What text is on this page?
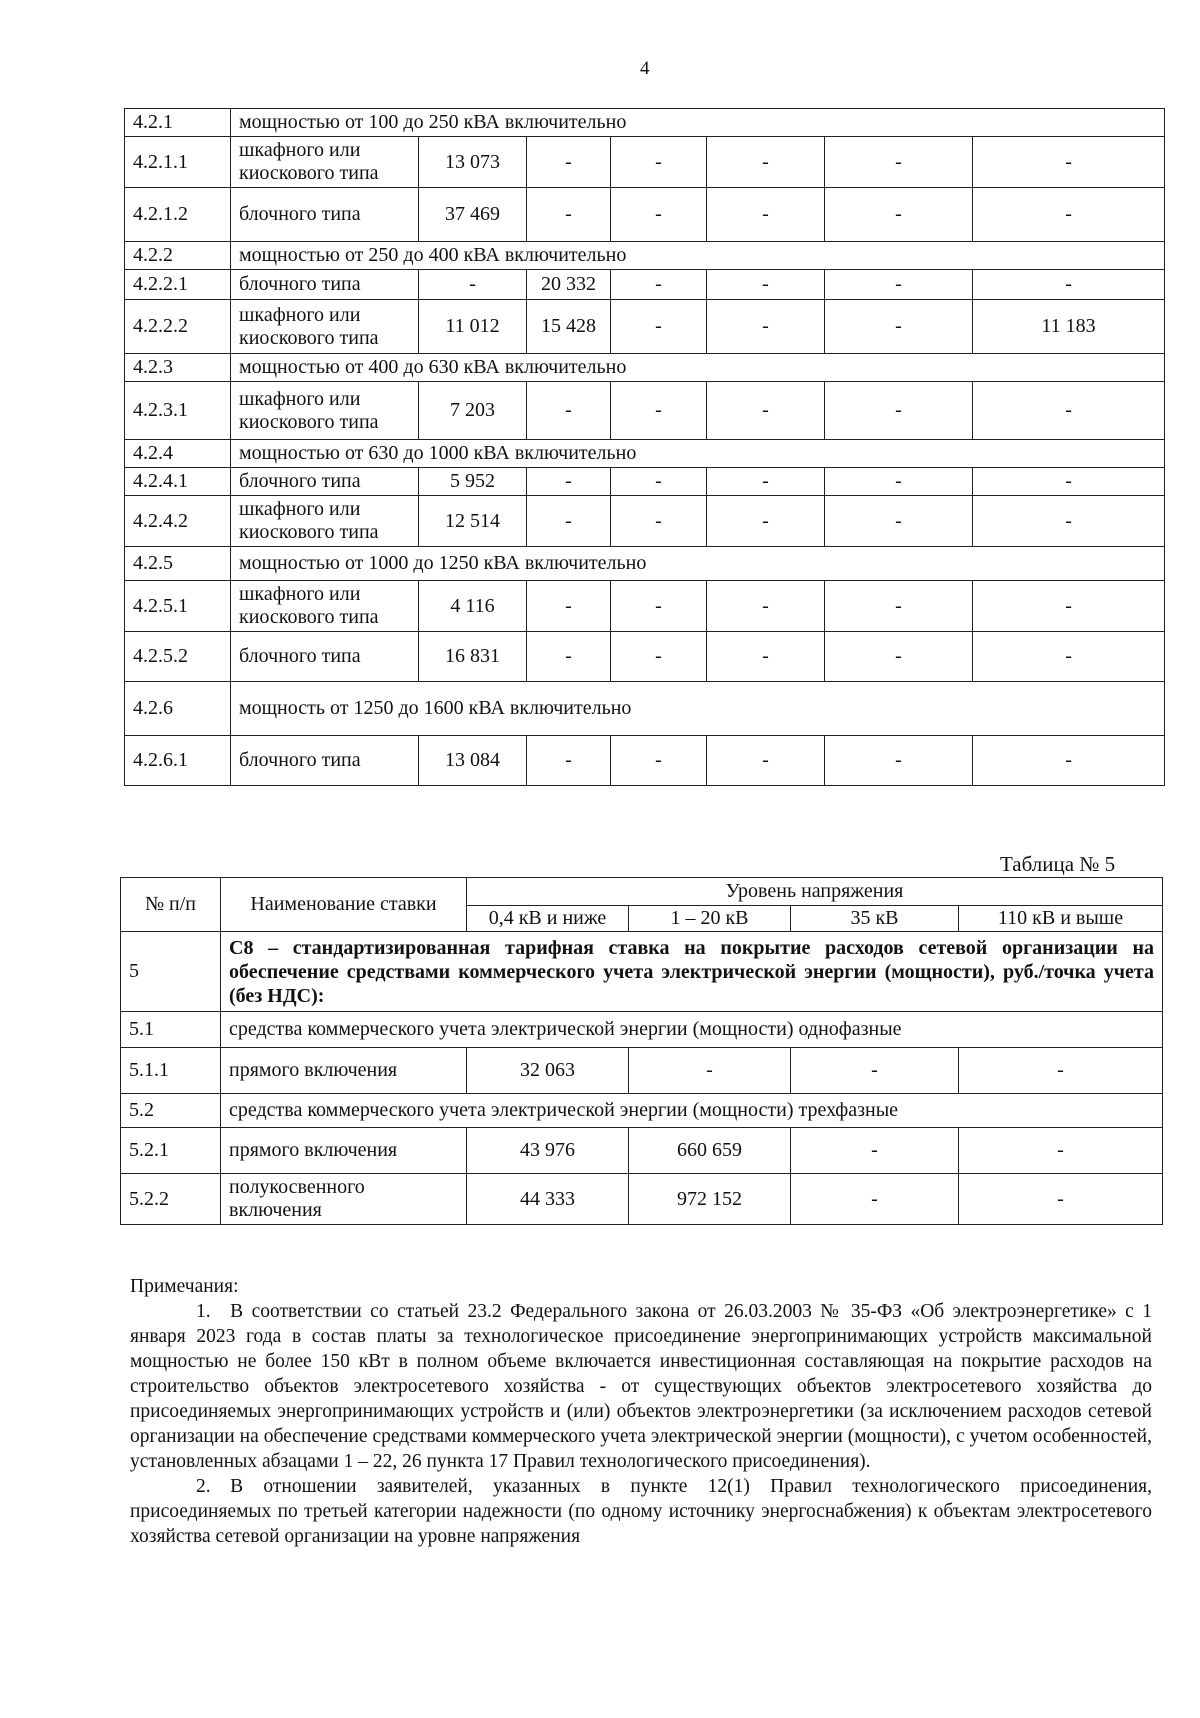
4
4.2.1	мощностью от 100 до 250 кВА включительно						
4.2.1.1	шкафного или киоскового типа	13 073	-	-	-	-	-
4.2.1.2	блочного типа	37 469	-	-	-	-	-
4.2.2	мощностью от 250 до 400 кВА включительно						
4.2.2.1	блочного типа	-	20 332	-	-	-	-
4.2.2.2	шкафного или киоскового типа	11 012	15 428	-	-	-	11 183
4.2.3	мощностью от 400 до 630 кВА включительно						
4.2.3.1	шкафного или киоскового типа	7 203	-	-	-	-	-
4.2.4	мощностью от 630 до 1000 кВА включительно						
4.2.4.1	блочного типа	5 952	-	-	-	-	-
4.2.4.2	шкафного или киоскового типа	12 514	-	-	-	-	-
4.2.5	мощностью от 1000 до 1250 кВА включительно						
4.2.5.1	шкафного или киоскового типа	4 116	-	-	-	-	-
4.2.5.2	блочного типа	16 831	-	-	-	-	-
4.2.6	мощность от 1250 до 1600 кВА включительно						
4.2.6.1	блочного типа	13 084	-	-	-	-	-
Таблица № 5
№ п/п	Наименование ставки	Уровень напряжения			
		0,4 кВ и ниже	1 – 20 кВ	35 кВ	110 кВ и выше
5	С8 – стандартизированная тарифная ставка на покрытие расходов сетевой организации на обеспечение средствами коммерческого учета электрической энергии (мощности), руб./точка учета (без НДС):				
5.1	средства коммерческого учета электрической энергии (мощности) однофазные				
5.1.1	прямого включения	32 063	-	-	-
5.2	средства коммерческого учета электрической энергии (мощности) трехфазные				
5.2.1	прямого включения	43 976	660 659	-	-
5.2.2	полукосвенного включения	44 333	972 152	-	-

Примечания:

1. В соответствии со статьей 23.2 Федерального закона от 26.03.2003 № 35-ФЗ «Об электроэнергетике» с 1 января 2023 года в состав платы за технологическое присоединение энергопринимающих устройств максимальной мощностью не более 150 кВт в полном объеме включается инвестиционная составляющая на покрытие расходов на строительство объектов электросетевого хозяйства - от существующих объектов электросетевого хозяйства до присоединяемых энергопринимающих устройств и (или) объектов электроэнергетики (за исключением расходов сетевой организации на обеспечение средствами коммерческого учета электрической энергии (мощности), с учетом особенностей, установленных абзацами 1 – 22, 26 пункта 17 Правил технологического присоединения).

2. В отношении заявителей, указанных в пункте 12(1) Правил технологического присоединения, присоединяемых по третьей категории надежности (по одному источнику энергоснабжения) к объектам электросетевого хозяйства сетевой организации на уровне напряжения
